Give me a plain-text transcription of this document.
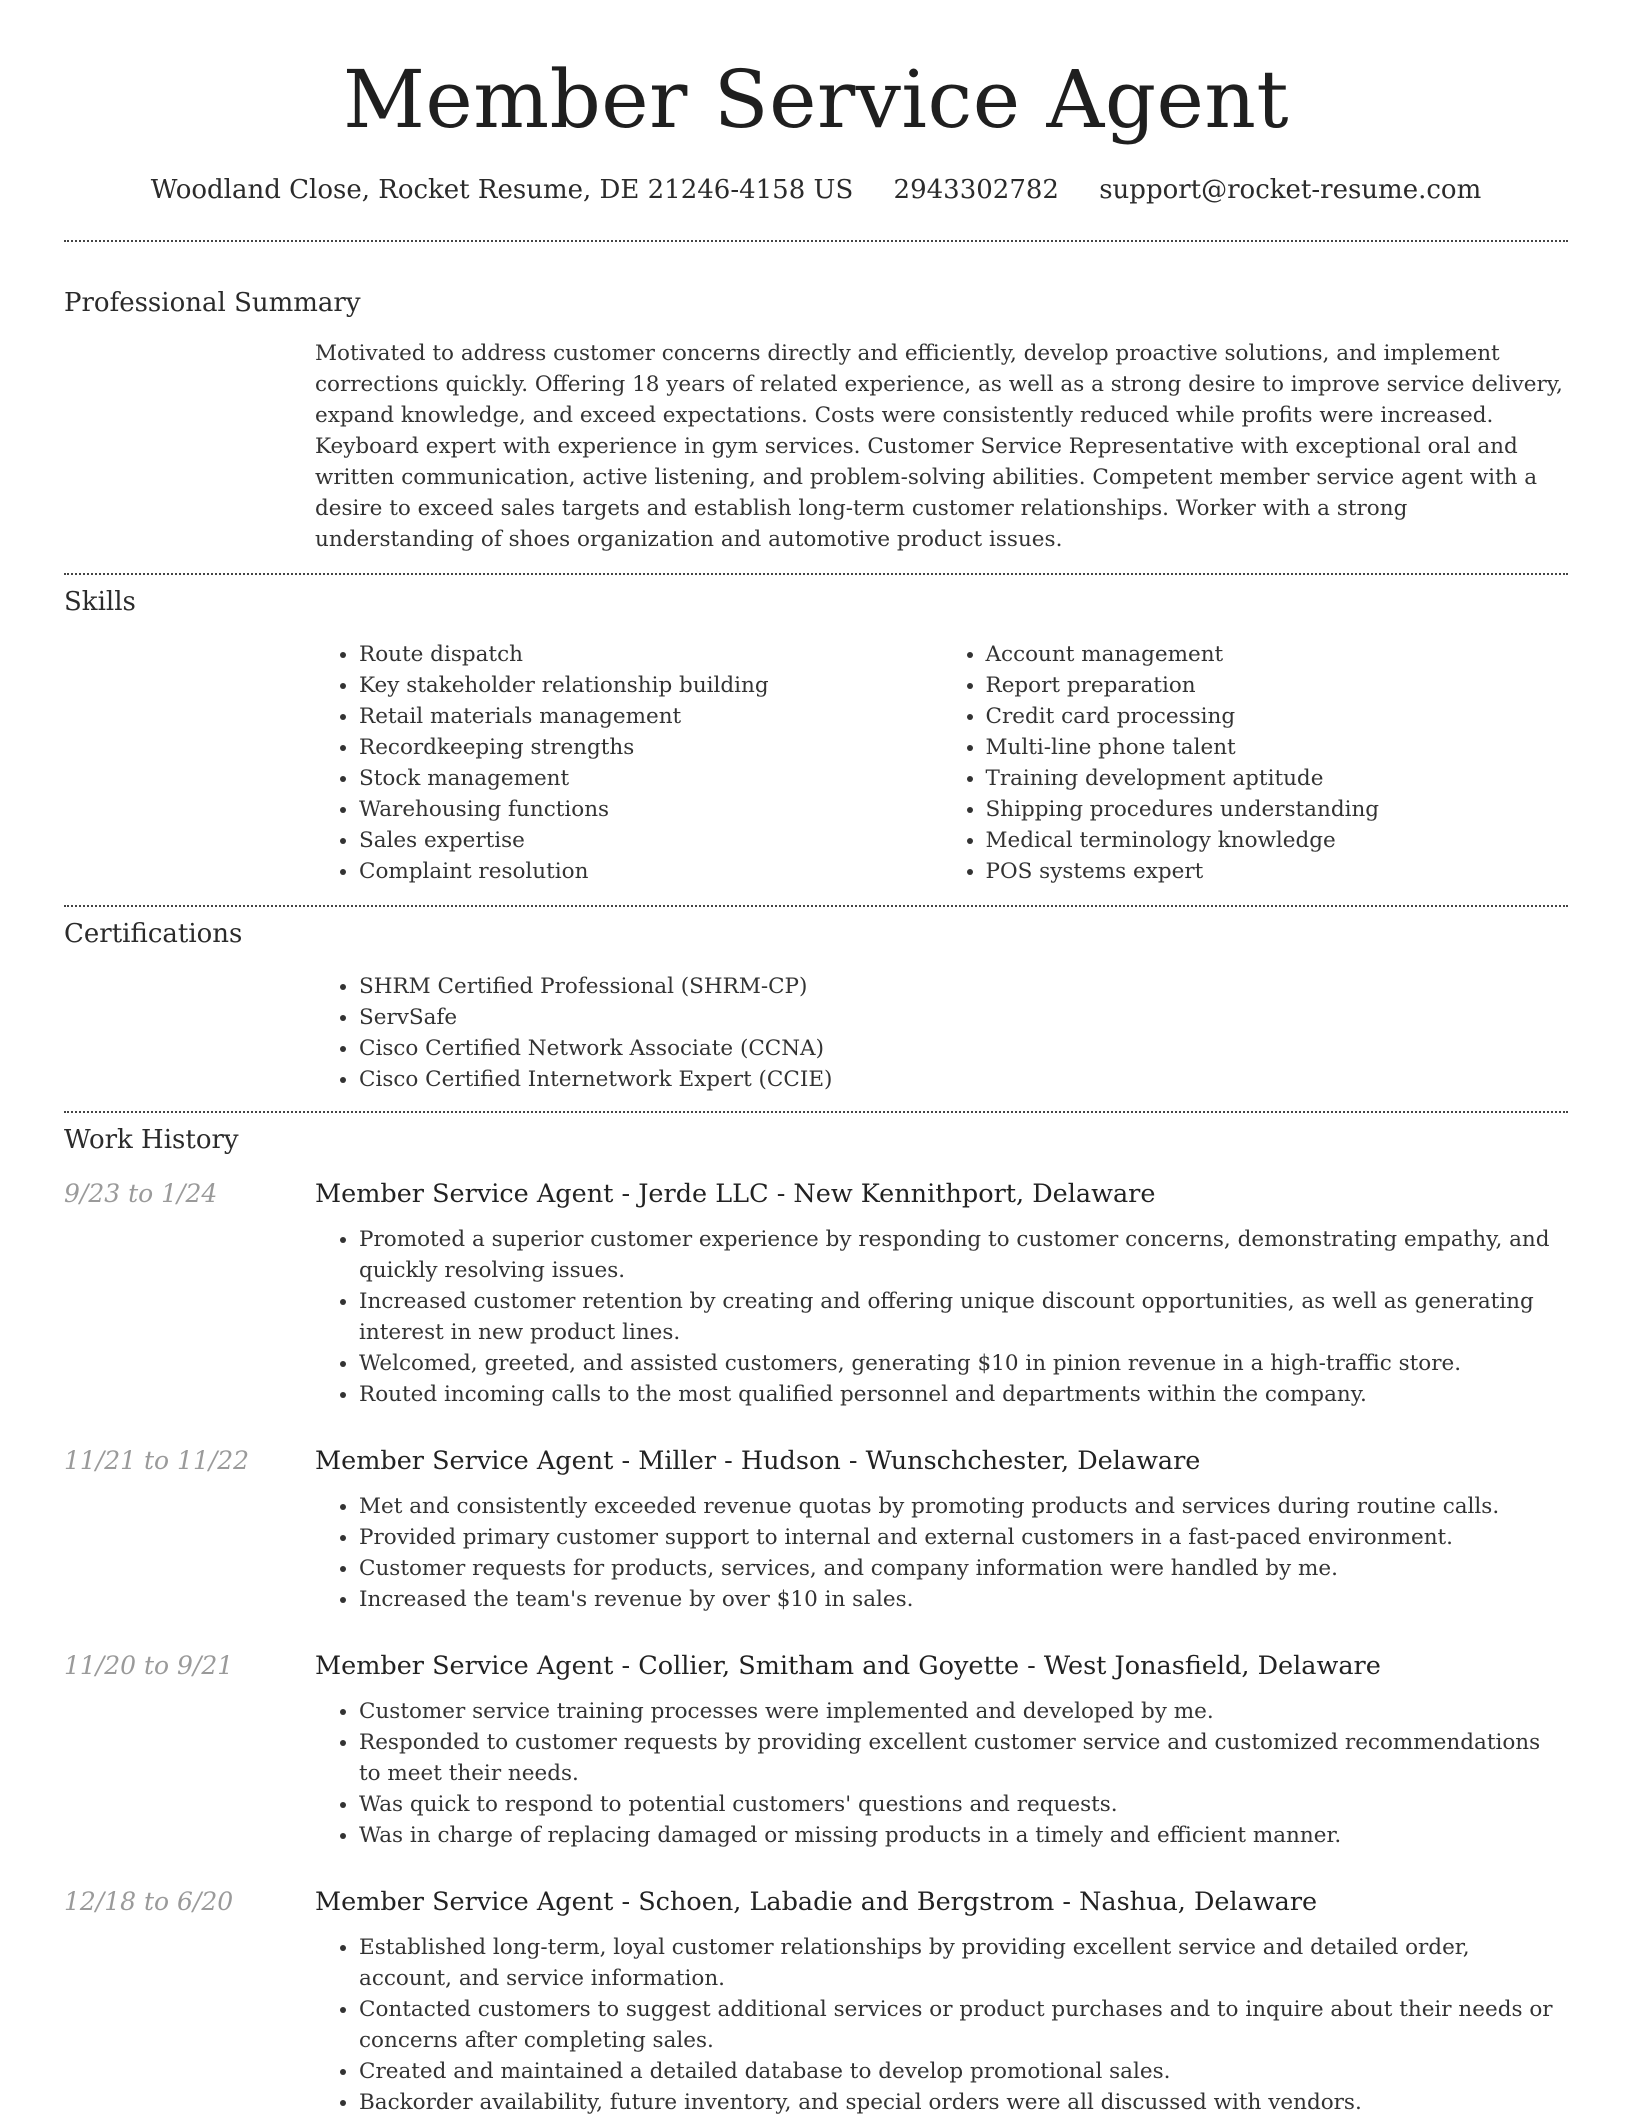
Member Service Agent
Woodland Close, Rocket Resume, DE 21246-4158 US 2943302782 support@rocket-resume.com
Professional Summary
Motivated to address customer concerns directly and efficiently, develop proactive solutions, and implement corrections quickly. Offering 18 years of related experience, as well as a strong desire to improve service delivery, expand knowledge, and exceed expectations. Costs were consistently reduced while profits were increased. Keyboard expert with experience in gym services. Customer Service Representative with exceptional oral and written communication, active listening, and problem-solving abilities. Competent member service agent with a desire to exceed sales targets and establish long-term customer relationships. Worker with a strong understanding of shoes organization and automotive product issues.
Skills
• Route dispatch
• Key stakeholder relationship building
• Retail materials management
• Recordkeeping strengths
• Stock management
• Warehousing functions
• Sales expertise
• Complaint resolution
• Account management
• Report preparation
• Credit card processing
• Multi-line phone talent
• Training development aptitude
• Shipping procedures understanding
• Medical terminology knowledge
• POS systems expert
Certifications
• SHRM Certified Professional (SHRM-CP)
• ServSafe
• Cisco Certified Network Associate (CCNA)
• Cisco Certified Internetwork Expert (CCIE)
Work History
9/23 to 1/24	Member Service Agent - Jerde LLC - New Kennithport, Delaware
• Promoted a superior customer experience by responding to customer concerns, demonstrating empathy, and quickly resolving issues.
• Increased customer retention by creating and offering unique discount opportunities, as well as generating interest in new product lines.
• Welcomed, greeted, and assisted customers, generating $10 in pinion revenue in a high-traffic store.
• Routed incoming calls to the most qualified personnel and departments within the company.
11/21 to 11/22	Member Service Agent - Miller - Hudson - Wunschchester, Delaware
• Met and consistently exceeded revenue quotas by promoting products and services during routine calls.
• Provided primary customer support to internal and external customers in a fast-paced environment.
• Customer requests for products, services, and company information were handled by me.
• Increased the team's revenue by over $10 in sales.
11/20 to 9/21	Member Service Agent - Collier, Smitham and Goyette - West Jonasfield, Delaware
• Customer service training processes were implemented and developed by me.
• Responded to customer requests by providing excellent customer service and customized recommendations to meet their needs.
• Was quick to respond to potential customers' questions and requests.
• Was in charge of replacing damaged or missing products in a timely and efficient manner.
12/18 to 6/20	Member Service Agent - Schoen, Labadie and Bergstrom - Nashua, Delaware
• Established long-term, loyal customer relationships by providing excellent service and detailed order, account, and service information.
• Contacted customers to suggest additional services or product purchases and to inquire about their needs or concerns after completing sales.
• Created and maintained a detailed database to develop promotional sales.
• Backorder availability, future inventory, and special orders were all discussed with vendors.
